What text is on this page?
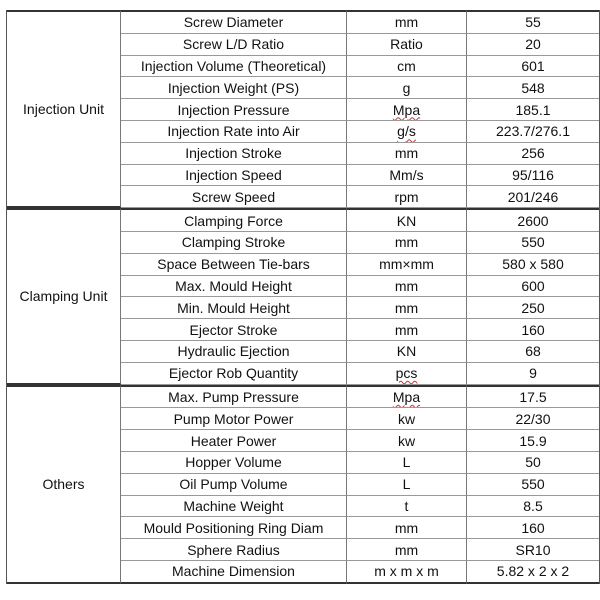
Injection Unit	Screw Diameter	mm	55
	Screw L/D Ratio	Ratio	20
	Injection Volume (Theoretical)	cm	601
	Injection Weight (PS)	g	548
	Injection Pressure	Mpa	185.1
	Injection Rate into Air	g/s	223.7/276.1
	Injection Stroke	mm	256
	Injection Speed	Mm/s	95/116
	Screw Speed	rpm	201/246
Clamping Unit	Clamping Force	KN	2600
	Clamping Stroke	mm	550
	Space Between Tie-bars	mm×mm	580 x 580
	Max. Mould Height	mm	600
	Min. Mould Height	mm	250
	Ejector Stroke	mm	160
	Hydraulic Ejection	KN	68
	Ejector Rob Quantity	pcs	9
Others	Max. Pump Pressure	Mpa	17.5
	Pump Motor Power	kw	22/30
	Heater Power	kw	15.9
	Hopper Volume	L	50
	Oil Pump Volume	L	550
	Machine Weight	t	8.5
	Mould Positioning Ring Diam	mm	160
	Sphere Radius	mm	SR10
	Machine Dimension	m x m x m	5.82 x 2 x 2
